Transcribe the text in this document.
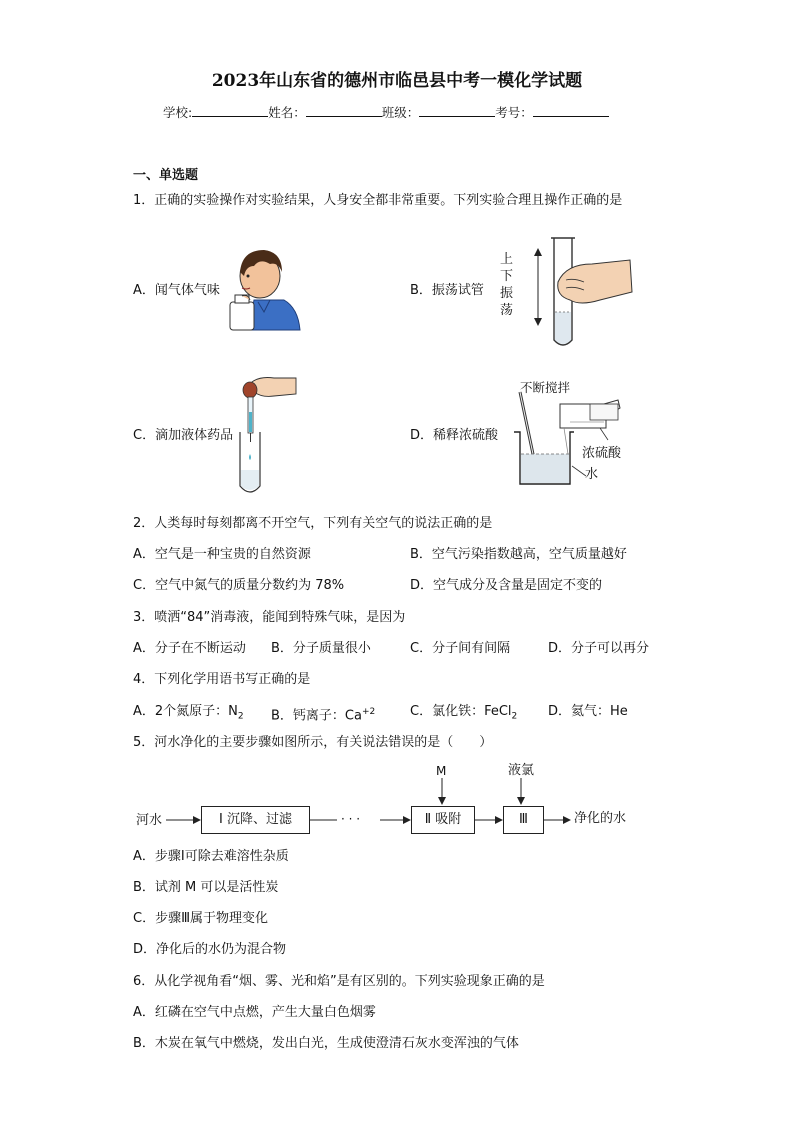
2023年山东省的德州市临邑县中考一模化学试题
学校:	姓名：	班级：	考号：
一、单选题
1．正确的实验操作对实验结果，人身安全都非常重要。下列实验合理且操作正确的是
A．闻气体气味	B．振荡试管
C．滴加液体药品	D．稀释浓硫酸
上
下
振
荡
不断搅拌
浓硫酸
水
2．人类每时每刻都离不开空气，下列有关空气的说法正确的是
A．空气是一种宝贵的自然资源	B．空气污染指数越高，空气质量越好
C．空气中氮气的质量分数约为 78%	D．空气成分及含量是固定不变的
3．喷洒“84”消毒液，能闻到特殊气味，是因为
A．分子在不断运动 B．分子质量很小	C．分子间有间隔	D．分子可以再分
4．下列化学用语书写正确的是
A．2个氮原子：$N_2$ B．钙离子：$Ca^{+2}$	C．氯化铁：FeCl$_2$ D．氦气：He
5．河水净化的主要步骤如图所示，有关说法错误的是（　　）
河水	Ⅰ 沉降、过滤	· · ·	Ⅱ 吸附	Ⅲ	净化的水
M	液氯
A．步骤Ⅰ可除去难溶性杂质
B．试剂 M 可以是活性炭
C．步骤Ⅲ属于物理变化
D．净化后的水仍为混合物
6．从化学视角看“烟、雾、光和焰”是有区别的。下列实验现象正确的是
A．红磷在空气中点燃，产生大量白色烟雾
B．木炭在氧气中燃烧，发出白光，生成使澄清石灰水变浑浊的气体
